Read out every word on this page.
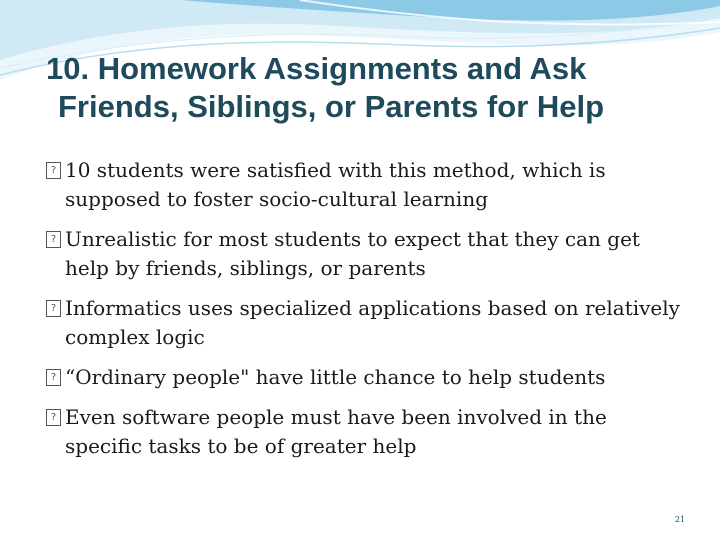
10. Homework Assignments and Ask
Friends, Siblings, or Parents for Help
? 10 students were satisfied with this method, which is supposed to foster socio-cultural learning
? Unrealistic for most students to expect that they can get help by friends, siblings, or parents
? Informatics uses specialized applications based on relatively complex logic
? “Ordinary people" have little chance to help students
? Even software people must have been involved in the specific tasks to be of greater help
21
